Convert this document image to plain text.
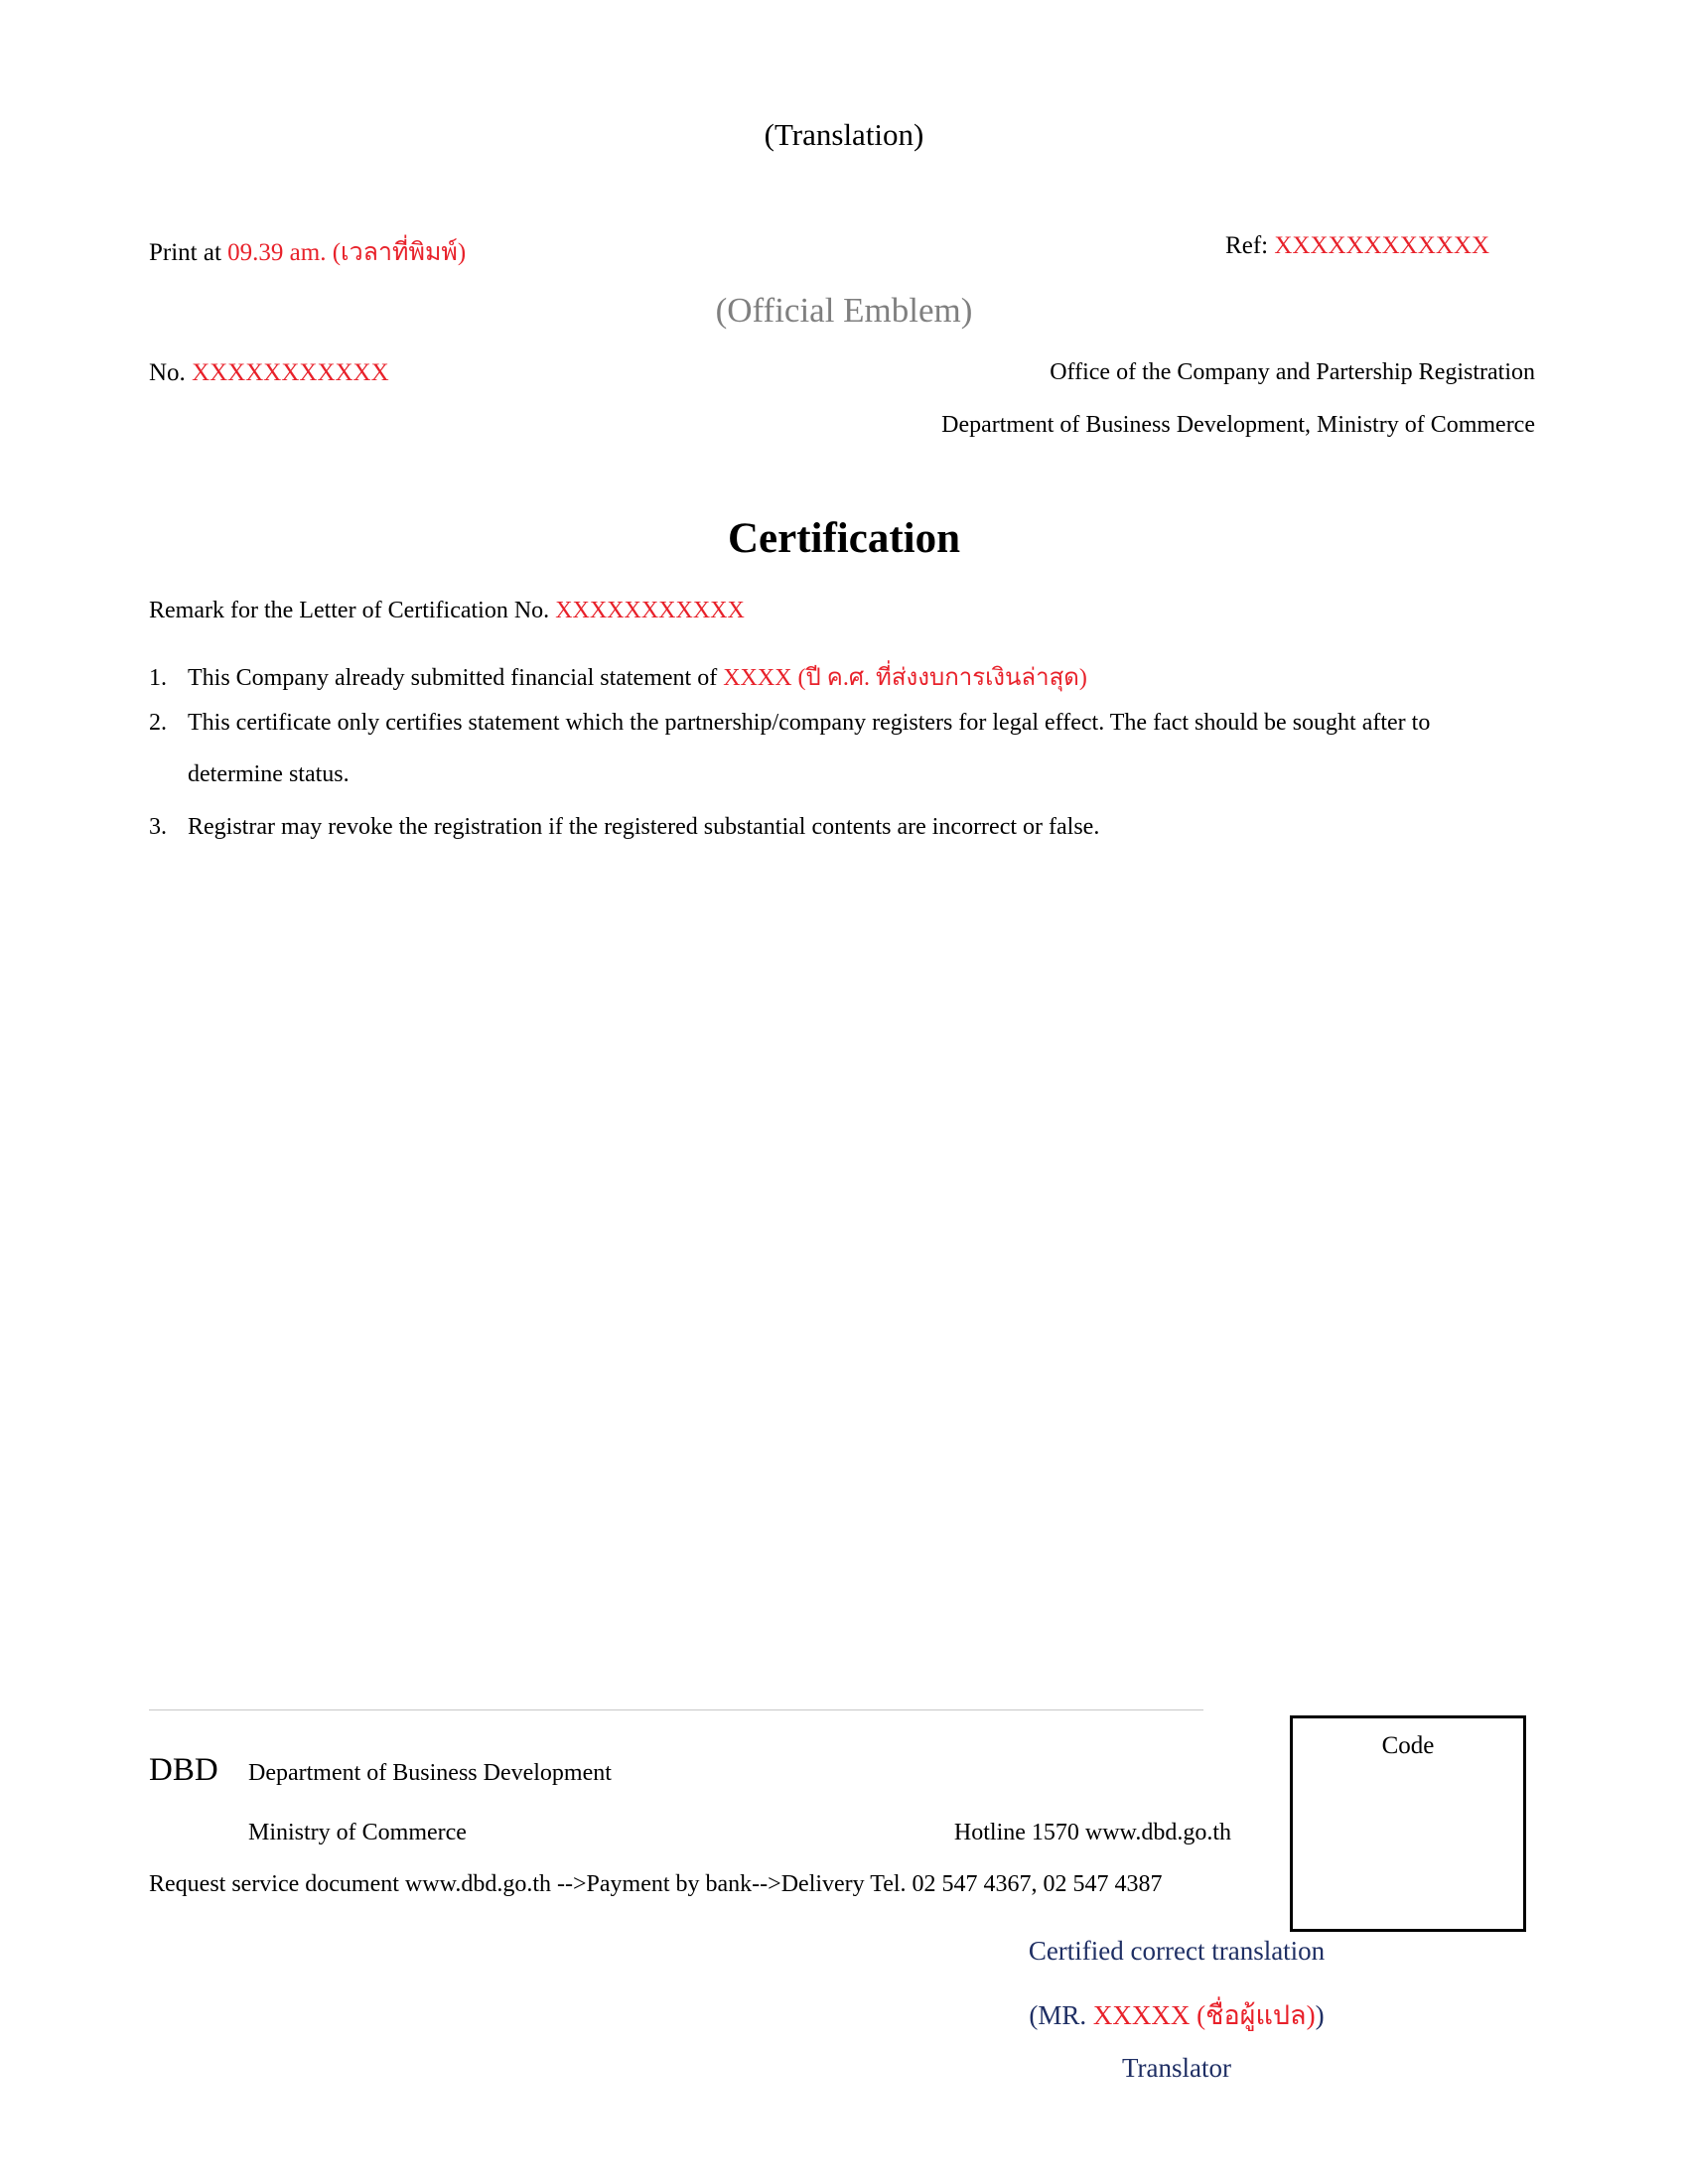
(Translation)
Print at 09.39 am. (เวลาที่พิมพ์)	Ref: XXXXXXXXXXXX
(Official Emblem)
No. XXXXXXXXXXX	Office of the Company and Partership Registration
Department of Business Development, Ministry of Commerce
Certification
Remark for the Letter of Certification No. XXXXXXXXXXX
1. This Company already submitted financial statement of XXXX (ปี ค.ศ. ที่ส่งงบการเงินล่าสุด)
2. This certificate only certifies statement which the partnership/company registers for legal effect. The fact should be sought after to
determine status.
3. Registrar may revoke the registration if the registered substantial contents are incorrect or false.
DBD Department of Business Development
Ministry of Commerce	Hotline 1570 www.dbd.go.th
Request service document www.dbd.go.th -->Payment by bank-->Delivery Tel. 02 547 4367, 02 547 4387
Code
Certified correct translation
(MR. XXXXX (ชื่อผู้แปล))
Translator
